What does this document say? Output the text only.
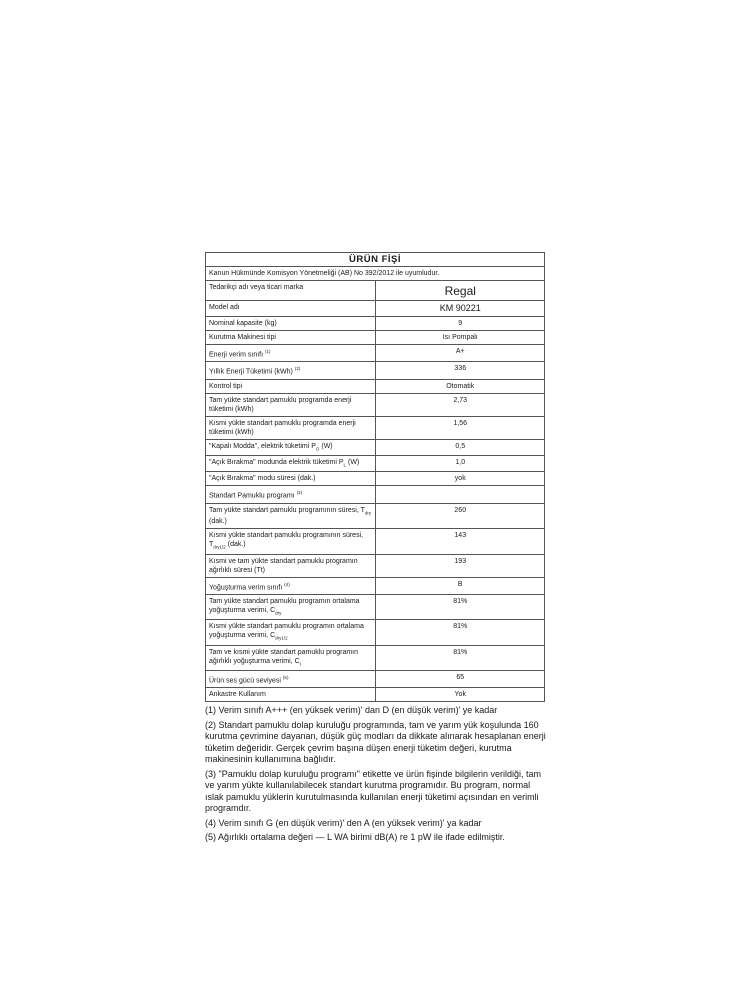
ÜRÜN FİŞİ	
Kanun Hükmünde Komisyon Yönetmeliği (AB) No 392/2012 ile uyumludur.	
Tedarikçi adı veya ticari marka	Regal
Model adı	KM 90221
Nominal kapasite (kg)	9
Kurutma Makinesi tipi	Isı Pompalı
Enerji verim sınıfı $^{(1)}$	A+
Yıllık Enerji Tüketimi (kWh) $^{(2)}$	336
Kontrol tipi	Otomatik
Tam yükte standart pamuklu programda enerji tüketimi (kWh)	2,73
Kısmi yükte standart pamuklu programda enerji tüketimi (kWh)	1,56
"Kapalı Modda", elektrik tüketimi $P_O$ (W)	0,5
"Açık Bırakma" modunda elektrik tüketimi $P_L$ (W)	1,0
"Açık Bırakma" modu süresi (dak.)	yok
Standart Pamuklu programı $^{(3)}$	
Tam yükte standart pamuklu programının süresi, $T_{dry}$ (dak.)	260
Kısmi yükte standart pamuklu programının süresi, $T_{dry1/2}$ (dak.)	143
Kısmi ve tam yükte standart pamuklu programın ağırlıklı süresi (Tt)	193
Yoğuşturma verim sınıfı $^{(4)}$	B
Tam yükte standart pamuklu programın ortalama yoğuşturma verimi, $C_{dry}$	81%
Kısmi yükte standart pamuklu programın ortalama yoğuşturma verimi, $C_{dry1/2}$	81%
Tam ve kısmi yükte standart pamuklu programın ağırlıklı yoğuşturma verimi, $C_t$	81%
Ürün ses gücü seviyesi $^{(5)}$	65
Ankastre Kullanım	Yok

(1) Verim sınıfı A+++ (en yüksek verim)' dan D (en düşük verim)' ye kadar

(2) Standart pamuklu dolap kuruluğu programında, tam ve yarım yük koşulunda 160 kurutma çevrimine dayanan, düşük güç modları da dikkate alınarak hesaplanan enerji tüketim değeridir. Gerçek çevrim başına düşen enerji tüketim değeri, kurutma makinesinin kullanımına bağlıdır.

(3) "Pamuklu dolap kuruluğu programı" etikette ve ürün fişinde bilgilerin verildiği, tam ve yarım yükte kullanılabilecek standart kurutma programıdır. Bu program, normal ıslak pamuklu yüklerin kurutulmasında kullanılan enerji tüketimi açısından en verimli programdır.

(4) Verim sınıfı G (en düşük verim)' den A (en yüksek verim)' ya kadar

(5) Ağırlıklı ortalama değeri — L WA birimi dB(A) re 1 pW ile ifade edilmiştir.
